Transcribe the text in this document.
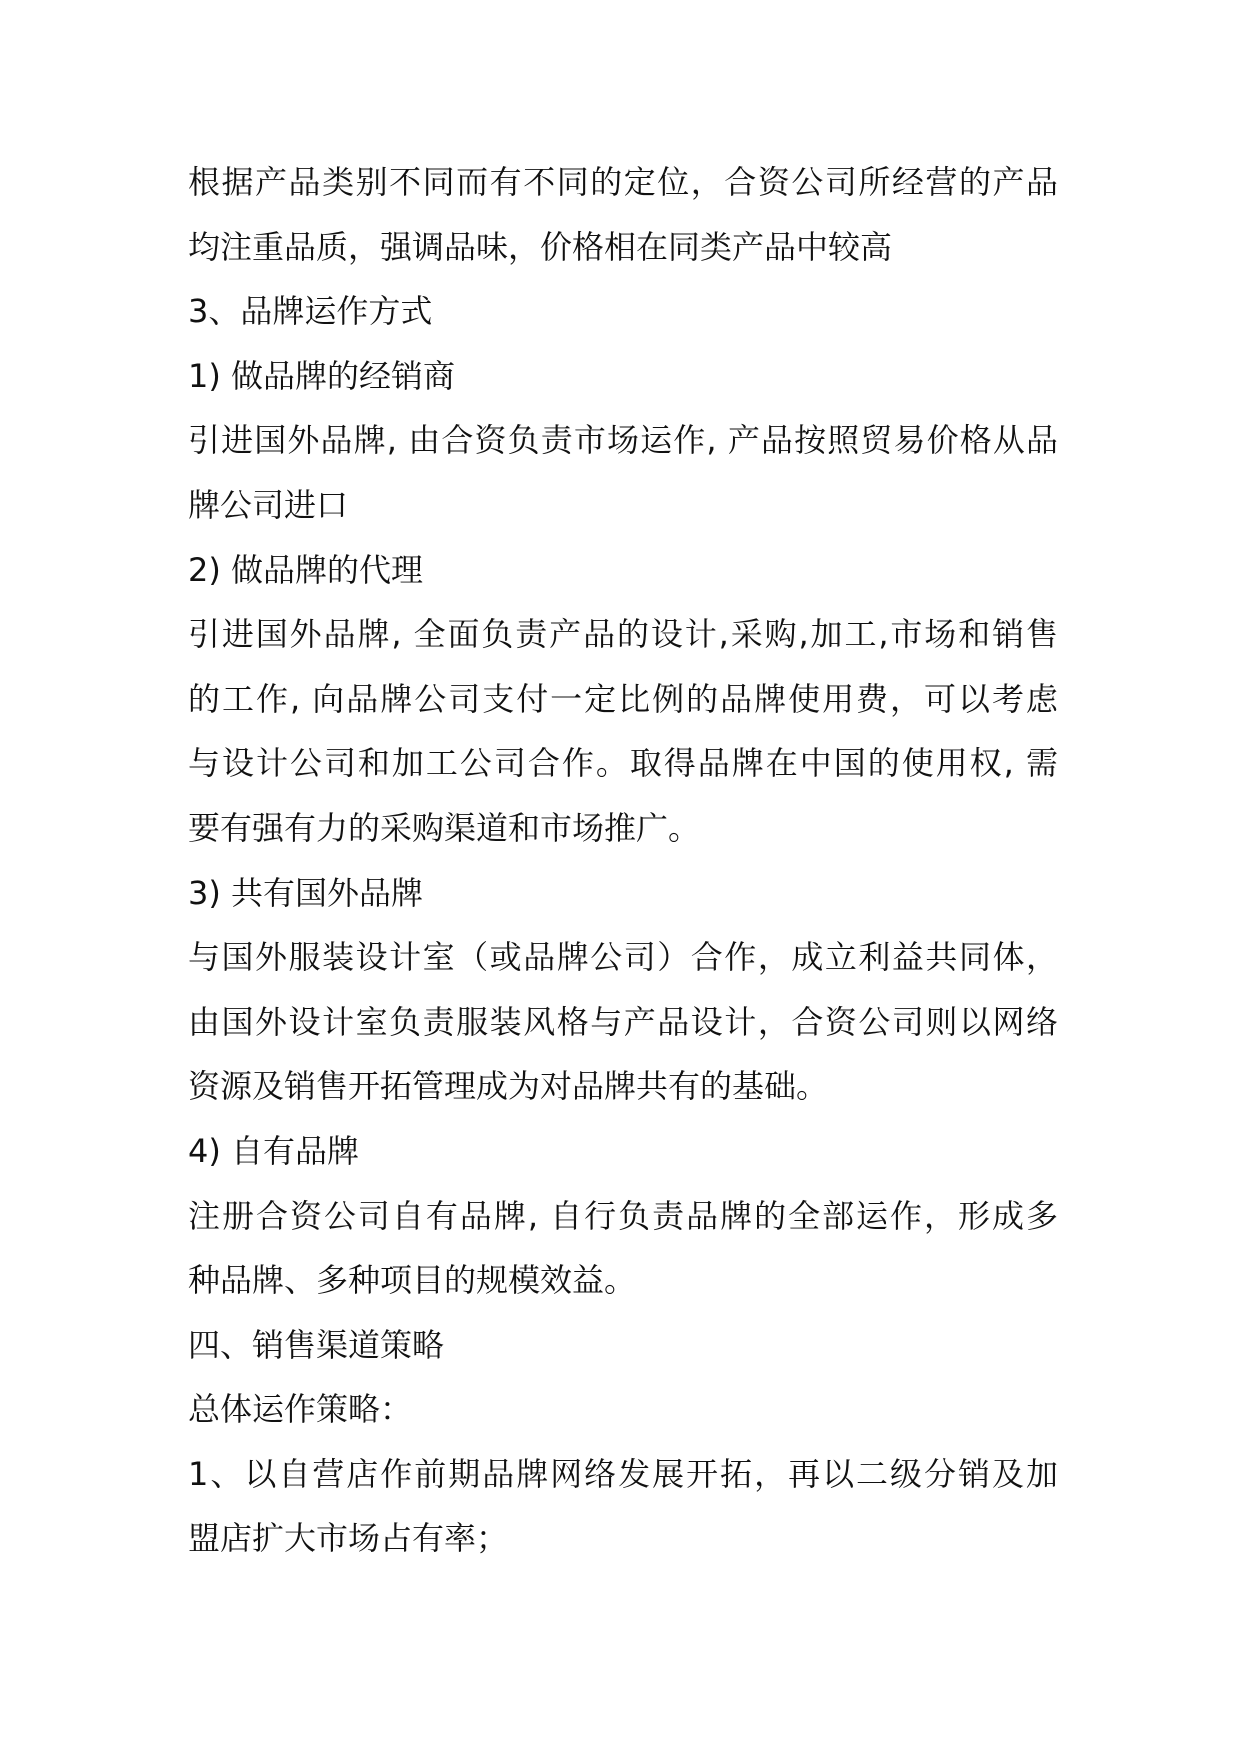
根据产品类别不同而有不同的定位，合资公司所经营的产品
均注重品质，强调品味，价格相在同类产品中较高
3、品牌运作方式
1) 做品牌的经销商
引进国外品牌, 由合资负责市场运作, 产品按照贸易价格从品
牌公司进口
2) 做品牌的代理
引进国外品牌, 全面负责产品的设计,采购,加工,市场和销售
的工作, 向品牌公司支付一定比例的品牌使用费，可以考虑
与设计公司和加工公司合作。取得品牌在中国的使用权, 需
要有强有力的采购渠道和市场推广。
3) 共有国外品牌
与国外服装设计室（或品牌公司）合作，成立利益共同体，
由国外设计室负责服装风格与产品设计，合资公司则以网络
资源及销售开拓管理成为对品牌共有的基础。
4) 自有品牌
注册合资公司自有品牌, 自行负责品牌的全部运作，形成多
种品牌、多种项目的规模效益。
四、销售渠道策略
总体运作策略：
1、以自营店作前期品牌网络发展开拓，再以二级分销及加
盟店扩大市场占有率；
